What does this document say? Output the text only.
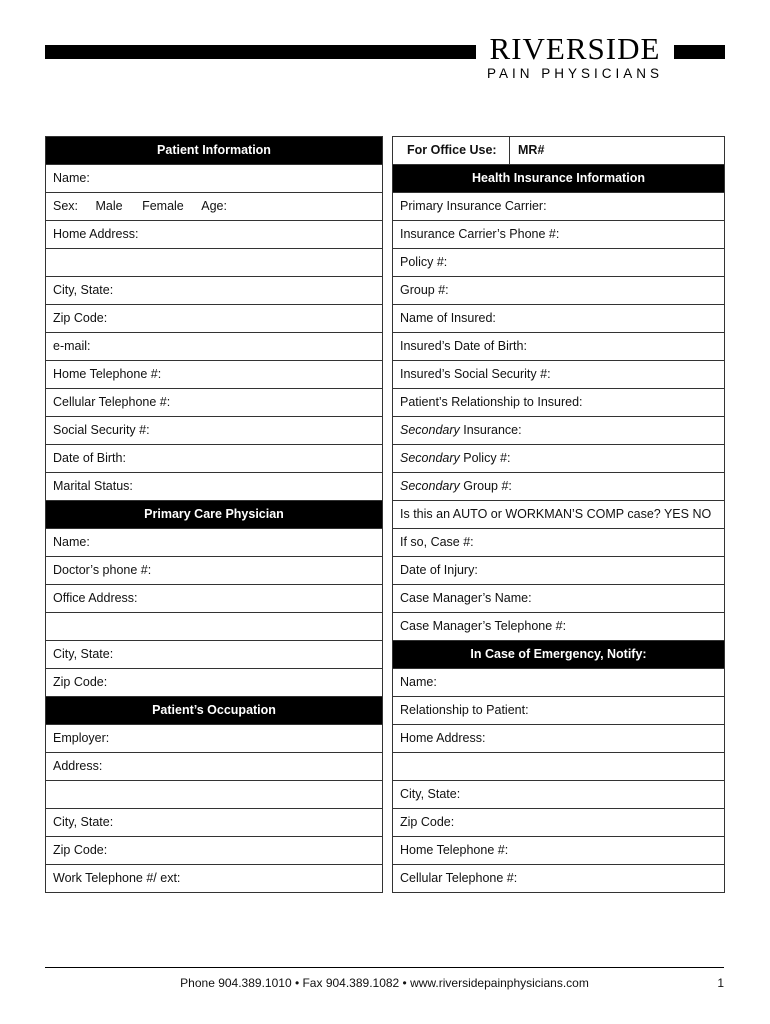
RIVERSIDE
PAIN PHYSICIANS
Patient Information
Name:
Sex: Male Female Age:
Home Address:
City, State:
Zip Code:
e-mail:
Home Telephone #:
Cellular Telephone #:
Social Security #:
Date of Birth:
Marital Status:
Primary Care Physician
Name:
Doctor’s phone #:
Office Address:
City, State:
Zip Code:
Patient’s Occupation
Employer:
Address:
City, State:
Zip Code:
Work Telephone #/ ext:
For Office Use:	MR#
Health Insurance Information
Primary Insurance Carrier:
Insurance Carrier’s Phone #:
Policy #:
Group #:
Name of Insured:
Insured’s Date of Birth:
Insured’s Social Security #:
Patient’s Relationship to Insured:
Secondary Insurance:
Secondary Policy #:
Secondary Group #:
Is this an AUTO or WORKMAN’S COMP case? YES NO
If so, Case #:
Date of Injury:
Case Manager’s Name:
Case Manager’s Telephone #:
In Case of Emergency, Notify:
Name:
Relationship to Patient:
Home Address:
City, State:
Zip Code:
Home Telephone #:
Cellular Telephone #:
Phone 904.389.1010 • Fax 904.389.1082 • www.riversidepainphysicians.com	1
